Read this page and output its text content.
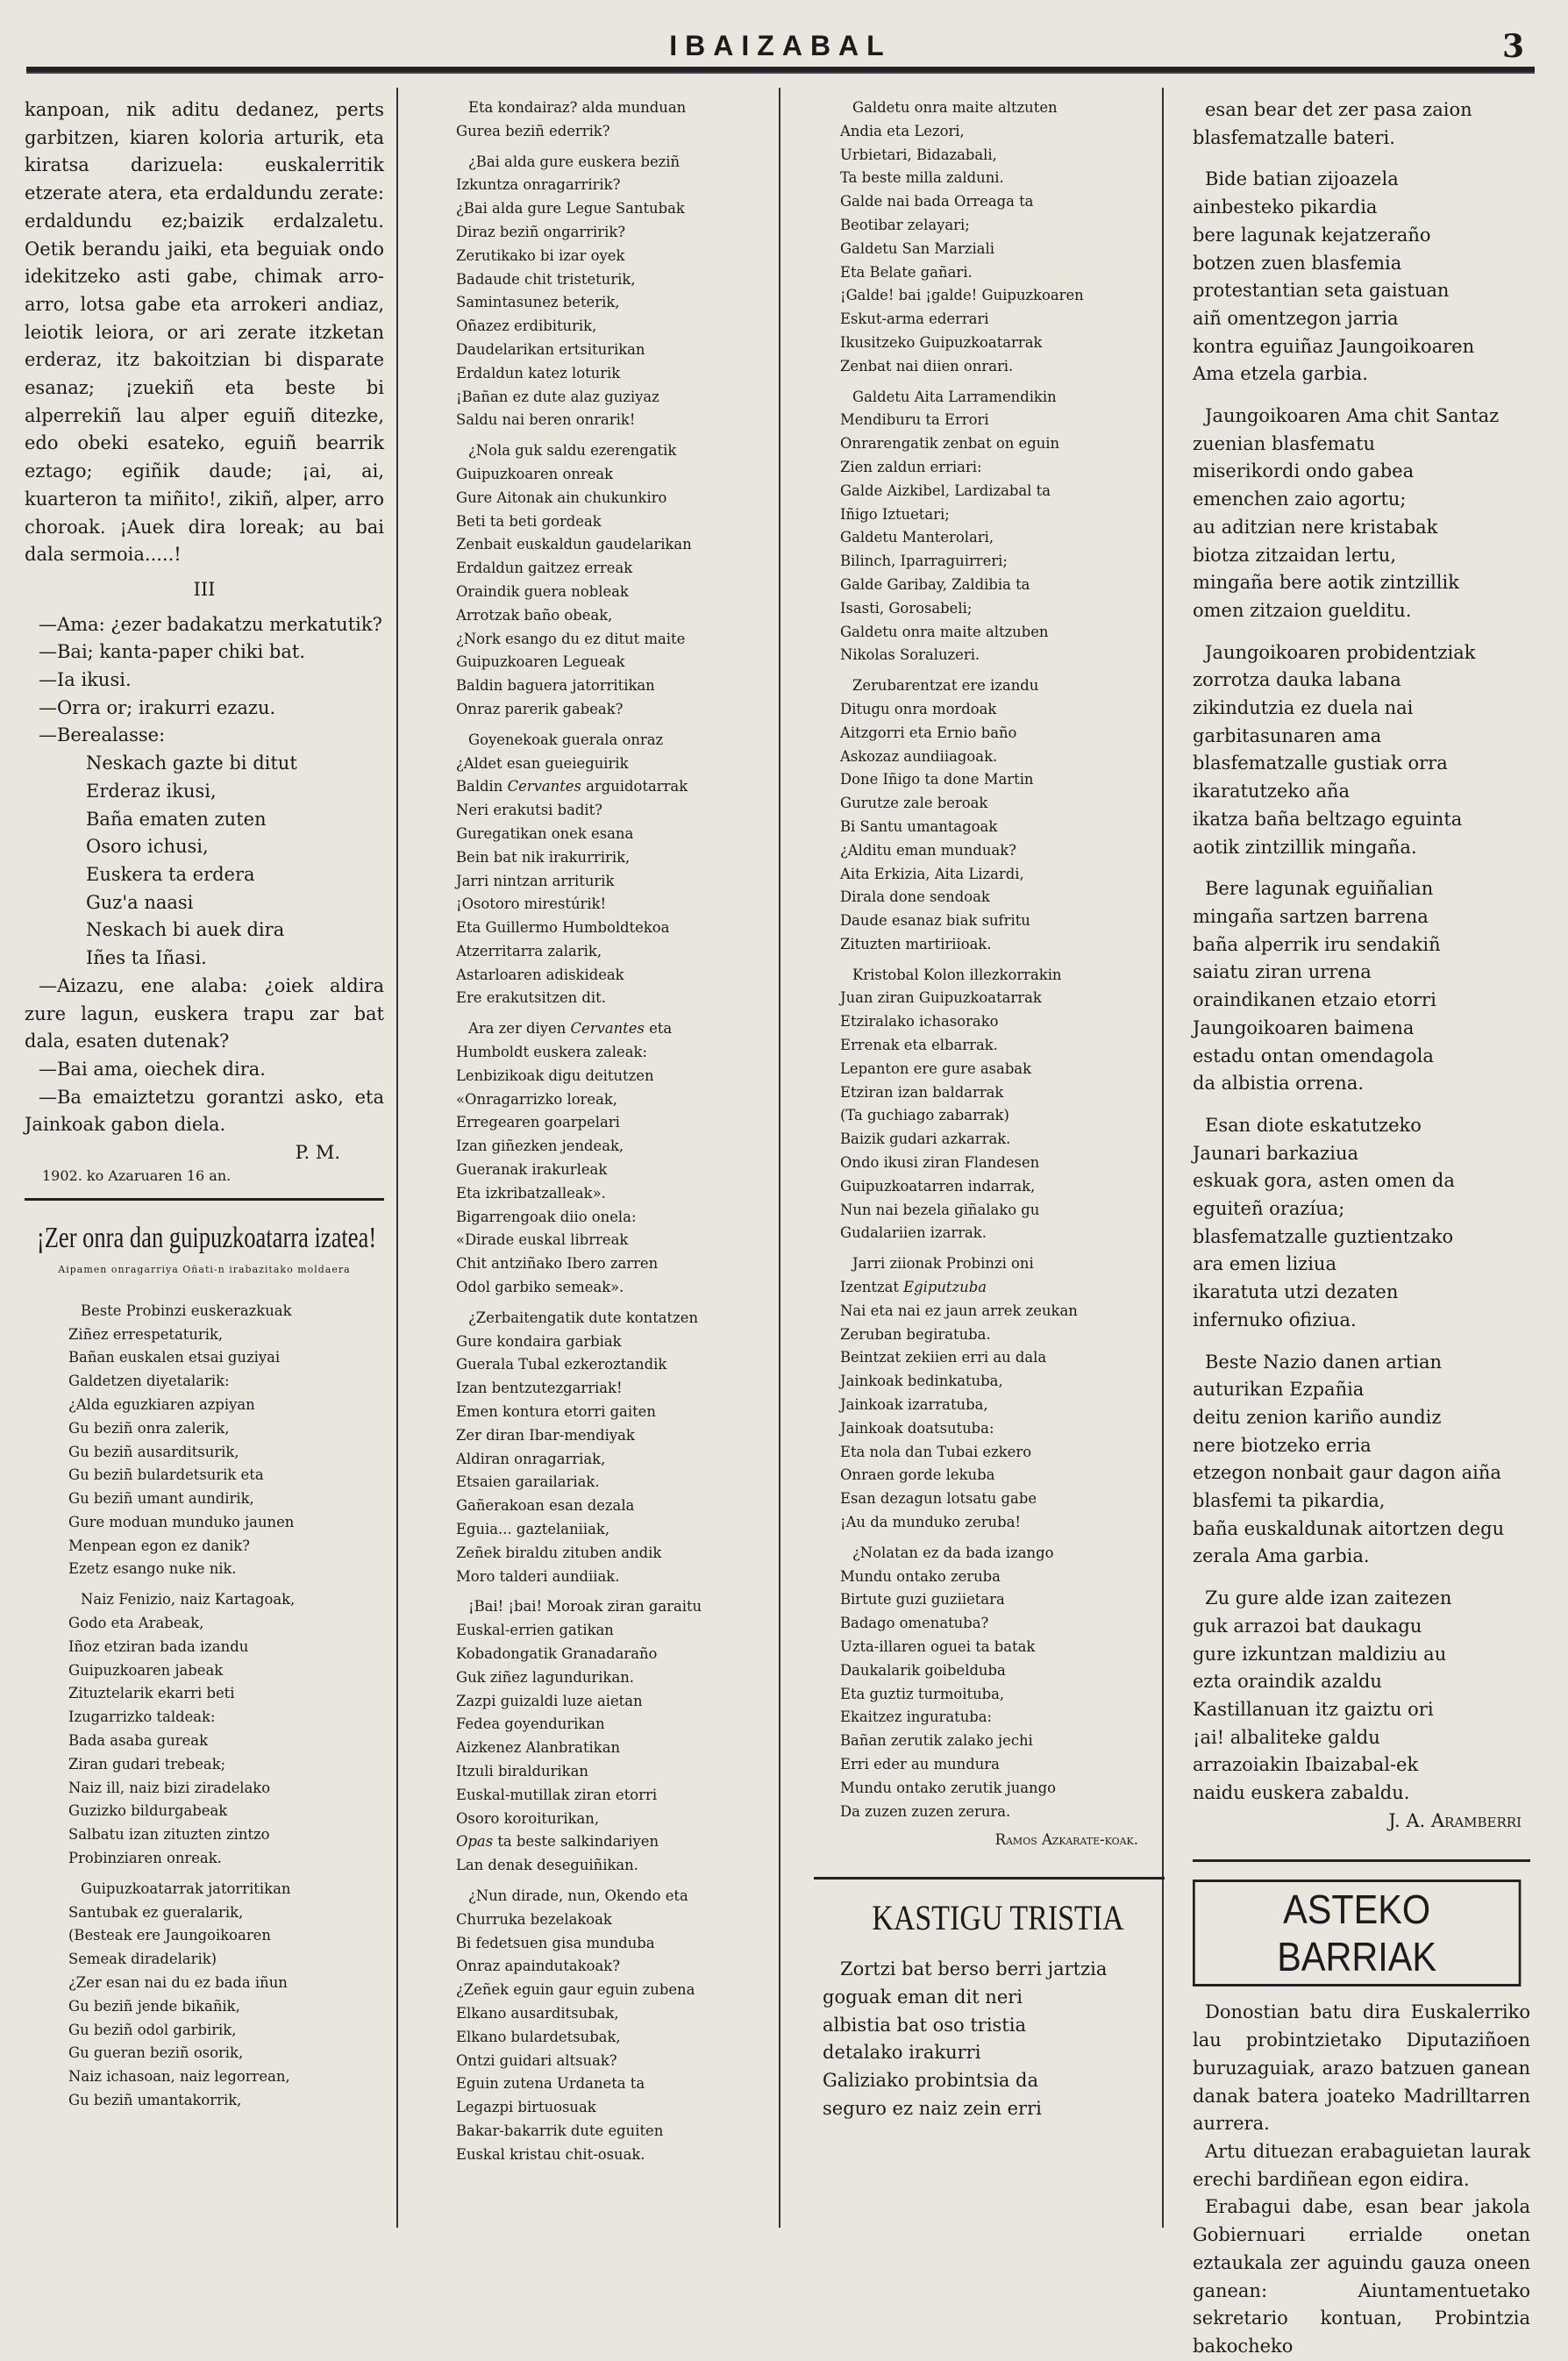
IBAIZABAL	3

kanpoan, nik aditu dedanez, perts garbitzen, kiaren koloria arturik, eta kiratsa darizuela: euskalerritik etzerate atera, eta erdaldundu zerate: erdaldundu ez;baizik erdalzaletu. Oetik berandu jaiki, eta beguiak ondo idekitzeko asti gabe, chimak arro-arro, lotsa gabe eta arrokeri andiaz, leiotik leiora, or ari zerate itzketan erderaz, itz bakoitzian bi disparate esanaz; ¡zuekiñ eta beste bi alperrekiñ lau alper eguiñ ditezke, edo obeki esateko, eguiñ bearrik eztago; egiñik daude; ¡ai, ai, kuarteron ta miñito!, zikiñ, alper, arro choroak. ¡Auek dira loreak; au bai dala sermoia.....!

III

—Ama: ¿ezer badakatzu merkatutik?

—Bai; kanta-paper chiki bat.

—Ia ikusi.

—Orra or; irakurri ezazu.

—Berealasse:

Neskach gazte bi ditut

Erderaz ikusi,

Baña ematen zuten

Osoro ichusi,

Euskera ta erdera

Guz'a naasi

Neskach bi auek dira

Iñes ta Iñasi.

—Aizazu, ene alaba: ¿oiek aldira zure lagun, euskera trapu zar bat dala, esaten dutenak?

—Bai ama, oiechek dira.

—Ba emaiztetzu gorantzi asko, eta Jainkoak gabon diela.

P. M.

1902. ko Azaruaren 16 an.

¡Zer onra dan guipuzkoatarra izatea!
Aipamen onragarriya Oñati-n irabazitako moldaera

Beste Probinzi euskerazkuak

Ziñez errespetaturik,

Bañan euskalen etsai guziyai

Galdetzen diyetalarik:

¿Alda eguzkiaren azpiyan

Gu beziñ onra zalerik,

Gu beziñ ausarditsurik,

Gu beziñ bulardetsurik eta

Gu beziñ umant aundirik,

Gure moduan munduko jaunen

Menpean egon ez danik?

Ezetz esango nuke nik.

Naiz Fenizio, naiz Kartagoak,

Godo eta Arabeak,

Iñoz etziran bada izandu

Guipuzkoaren jabeak

Zituztelarik ekarri beti

Izugarrizko taldeak:

Bada asaba gureak

Ziran gudari trebeak;

Naiz ill, naiz bizi ziradelako

Guzizko bildurgabeak

Salbatu izan zituzten zintzo

Probinziaren onreak.

Guipuzkoatarrak jatorritikan

Santubak ez gueralarik,

(Besteak ere Jaungoikoaren

Semeak diradelarik)

¿Zer esan nai du ez bada iñun

Gu beziñ jende bikañik,

Gu beziñ odol garbirik,

Gu gueran beziñ osorik,

Naiz ichasoan, naiz legorrean,

Gu beziñ umantakorrik,

Eta kondairaz? alda munduan

Gurea beziñ ederrik?

¿Bai alda gure euskera beziñ

Izkuntza onragarririk?

¿Bai alda gure Legue Santubak

Diraz beziñ ongarririk?

Zerutikako bi izar oyek

Badaude chit tristeturik,

Samintasunez beterik,

Oñazez erdibiturik,

Daudelarikan ertsiturikan

Erdaldun katez loturik

¡Bañan ez dute alaz guziyaz

Saldu nai beren onrarik!

¿Nola guk saldu ezerengatik

Guipuzkoaren onreak

Gure Aitonak ain chukunkiro

Beti ta beti gordeak

Zenbait euskaldun gaudelarikan

Erdaldun gaitzez erreak

Oraindik guera nobleak

Arrotzak baño obeak,

¿Nork esango du ez ditut maite

Guipuzkoaren Legueak

Baldin baguera jatorritikan

Onraz parerik gabeak?

Goyenekoak guerala onraz

¿Aldet esan gueieguirik

Baldin Cervantes arguidotarrak

Neri erakutsi badit?

Guregatikan onek esana

Bein bat nik irakurririk,

Jarri nintzan arriturik

¡Osotoro mirestúrik!

Eta Guillermo Humboldtekoa

Atzerritarra zalarik,

Astarloaren adiskideak

Ere erakutsitzen dit.

Ara zer diyen Cervantes eta

Humboldt euskera zaleak:

Lenbizikoak digu deitutzen

«Onragarrizko loreak,

Erregearen goarpelari

Izan giñezken jendeak,

Gueranak irakurleak

Eta izkribatzalleak».

Bigarrengoak diio onela:

«Dirade euskal librreak

Chit antziñako Ibero zarren

Odol garbiko semeak».

¿Zerbaitengatik dute kontatzen

Gure kondaira garbiak

Guerala Tubal ezkeroztandik

Izan bentzutezgarriak!

Emen kontura etorri gaiten

Zer diran Ibar-mendiyak

Aldiran onragarriak,

Etsaien garailariak.

Gañerakoan esan dezala

Eguia... gaztelaniiak,

Zeñek biraldu zituben andik

Moro talderi aundiiak.

¡Bai! ¡bai! Moroak ziran garaitu

Euskal-errien gatikan

Kobadongatik Granadaraño

Guk ziñez lagundurikan.

Zazpi guizaldi luze aietan

Fedea goyendurikan

Aizkenez Alanbratikan

Itzuli biraldurikan

Euskal-mutillak ziran etorri

Osoro koroiturikan,

Opas ta beste salkindariyen

Lan denak deseguiñikan.

¿Nun dirade, nun, Okendo eta

Churruka bezelakoak

Bi fedetsuen gisa munduba

Onraz apaindutakoak?

¿Zeñek eguin gaur eguin zubena

Elkano ausarditsubak,

Elkano bulardetsubak,

Ontzi guidari altsuak?

Eguin zutena Urdaneta ta

Legazpi birtuosuak

Bakar-bakarrik dute eguiten

Euskal kristau chit-osuak.

Galdetu onra maite altzuten

Andia eta Lezori,

Urbietari, Bidazabali,

Ta beste milla zalduni.

Galde nai bada Orreaga ta

Beotibar zelayari;

Galdetu San Marziali

Eta Belate gañari.

¡Galde! bai ¡galde! Guipuzkoaren

Eskut-arma ederrari

Ikusitzeko Guipuzkoatarrak

Zenbat nai diien onrari.

Galdetu Aita Larramendikin

Mendiburu ta Errori

Onrarengatik zenbat on eguin

Zien zaldun erriari:

Galde Aizkibel, Lardizabal ta

Iñigo Iztuetari;

Galdetu Manterolari,

Bilinch, Iparraguirreri;

Galde Garibay, Zaldibia ta

Isasti, Gorosabeli;

Galdetu onra maite altzuben

Nikolas Soraluzeri.

Zerubarentzat ere izandu

Ditugu onra mordoak

Aitzgorri eta Ernio baño

Askozaz aundiiagoak.

Done Iñigo ta done Martin

Gurutze zale beroak

Bi Santu umantagoak

¿Alditu eman munduak?

Aita Erkizia, Aita Lizardi,

Dirala done sendoak

Daude esanaz biak sufritu

Zituzten martiriioak.

Kristobal Kolon illezkorrakin

Juan ziran Guipuzkoatarrak

Etziralako ichasorako

Errenak eta elbarrak.

Lepanton ere gure asabak

Etziran izan baldarrak

(Ta guchiago zabarrak)

Baizik gudari azkarrak.

Ondo ikusi ziran Flandesen

Guipuzkoatarren indarrak,

Nun nai bezela giñalako gu

Gudalariien izarrak.

Jarri ziionak Probinzi oni

Izentzat Egiputzuba

Nai eta nai ez jaun arrek zeukan

Zeruban begiratuba.

Beintzat zekiien erri au dala

Jainkoak bedinkatuba,

Jainkoak izarratuba,

Jainkoak doatsutuba:

Eta nola dan Tubai ezkero

Onraen gorde lekuba

Esan dezagun lotsatu gabe

¡Au da munduko zeruba!

¿Nolatan ez da bada izango

Mundu ontako zeruba

Birtute guzi guziietara

Badago omenatuba?

Uzta-illaren oguei ta batak

Daukalarik goibelduba

Eta guztiz turmoituba,

Ekaitzez inguratuba:

Bañan zerutik zalako jechi

Erri eder au mundura

Mundu ontako zerutik juango

Da zuzen zuzen zerura.

Ramos Azkarate-koak.

KASTIGU TRISTIA

Zortzi bat berso berri jartzia

goguak eman dit neri

albistia bat oso tristia

detalako irakurri

Galiziako probintsia da

seguro ez naiz zein erri

esan bear det zer pasa zaion

blasfematzalle bateri.

Bide batian zijoazela

ainbesteko pikardia

bere lagunak kejatzeraño

botzen zuen blasfemia

protestantian seta gaistuan

aiñ omentzegon jarria

kontra eguiñaz Jaungoikoaren

Ama etzela garbia.

Jaungoikoaren Ama chit Santaz

zuenian blasfematu

miserikordi ondo gabea

emenchen zaio agortu;

au aditzian nere kristabak

biotza zitzaidan lertu,

mingaña bere aotik zintzillik

omen zitzaion guelditu.

Jaungoikoaren probidentziak

zorrotza dauka labana

zikindutzia ez duela nai

garbitasunaren ama

blasfematzalle gustiak orra

ikaratutzeko aña

ikatza baña beltzago eguinta

aotik zintzillik mingaña.

Bere lagunak eguiñalian

mingaña sartzen barrena

baña alperrik iru sendakiñ

saiatu ziran urrena

oraindikanen etzaio etorri

Jaungoikoaren baimena

estadu ontan omendagola

da albistia orrena.

Esan diote eskatutzeko

Jaunari barkaziua

eskuak gora, asten omen da

eguiteñ orazíua;

blasfematzalle guztientzako

ara emen liziua

ikaratuta utzi dezaten

infernuko ofiziua.

Beste Nazio danen artian

auturikan Ezpañia

deitu zenion kariño aundiz

nere biotzeko erria

etzegon nonbait gaur dagon aiña

blasfemi ta pikardia,

baña euskaldunak aitortzen degu

zerala Ama garbia.

Zu gure alde izan zaitezen

guk arrazoi bat daukagu

gure izkuntzan maldiziu au

ezta oraindik azaldu

Kastillanuan itz gaiztu ori

¡ai! albaliteke galdu

arrazoiakin Ibaizabal-ek

naidu euskera zabaldu.

J. A. Aramberri

ASTEKO BARRIAK

Donostian batu dira Euskalerriko lau probintzietako Diputaziñoen buruzaguiak, arazo batzuen ganean danak batera joateko Madrilltarren aurrera.

Artu dituezan erabaguietan laurak erechi bardiñean egon eidira.

Erabagui dabe, esan bear jakola Gobiernuari errialde onetan eztaukala zer aguindu gauza oneen ganean: Aiuntamentuetako sekretario kontuan, Probintzia bakocheko
